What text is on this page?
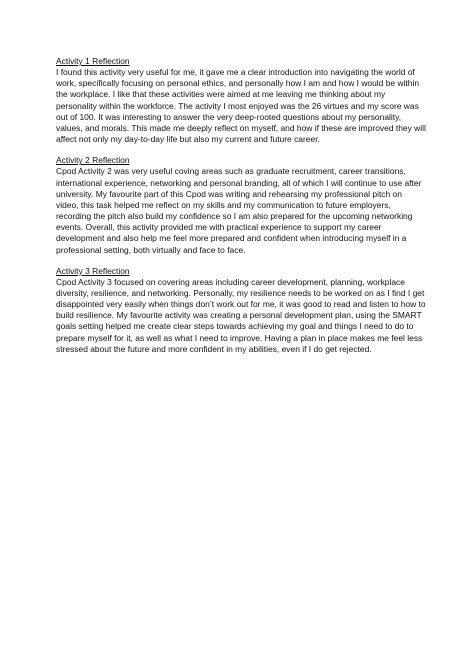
Activity 1 Reflection

I found this activity very useful for me, it gave me a clear introduction into navigating the world of work, specifically focusing on personal ethics, and personally how I am and how I would be within the workplace. I like that these activities were aimed at me leaving me thinking about my personality within the workforce. The activity I most enjoyed was the 26 virtues and my score was out of 100. It was interesting to answer the very deep-rooted questions about my personality, values, and morals. This made me deeply reflect on myself, and how if these are improved they will affect not only my day-to-day life but also my current and future career.

Activity 2 Reflection

Cpod Activity 2 was very useful coving areas such as graduate recruitment, career transitions, international experience, networking and personal branding, all of which I will continue to use after university. My favourite part of this Cpod was writing and rehearsing my professional pitch on video, this task helped me reflect on my skills and my communication to future employers, recording the pitch also build my confidence so I am also prepared for the upcoming networking events. Overall, this activity provided me with practical experience to support my career development and also help me feel more prepared and confident when introducing myself in a professional setting, both virtually and face to face.

Activity 3 Reflection

Cpod Activity 3 focused on covering areas including career development, planning, workplace diversity, resilience, and networking. Personally, my resilience needs to be worked on as I find I get disappointed very easily when things don’t work out for me, it was good to read and listen to how to build resilience. My favourite activity was creating a personal development plan, using the SMART goals setting helped me create clear steps towards achieving my goal and things I need to do to prepare myself for it, as well as what I need to improve. Having a plan in place makes me feel less stressed about the future and more confident in my abilities, even if I do get rejected.
